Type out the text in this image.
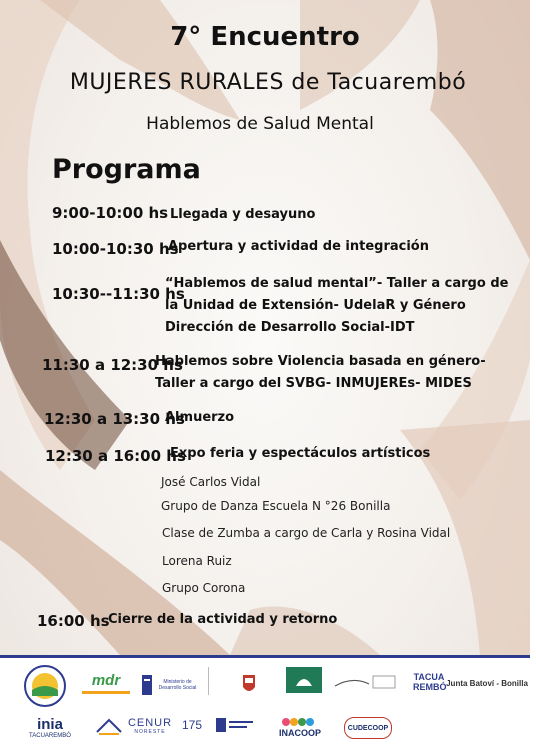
7° Encuentro
MUJERES RURALES de Tacuarembó
Hablemos de Salud Mental
Programa
9:00-10:00 hs Llegada y desayuno
10:00-10:30 hs
Apertura y actividad de integración
10:30--11:30 hs
“Hablemos de salud mental”- Taller a cargo de la Unidad de Extensión- UdelaR y Género Dirección de Desarrollo Social-IDT
11:30 a 12:30 hs
Hablemos sobre Violencia basada en género- Taller a cargo del SVBG- INMUJEREs- MIDES
12:30 a 13:30 hs
Almuerzo
12:30 a 16:00 hs
Expo feria y espectáculos artísticos
José Carlos Vidal
Grupo de Danza Escuela N °26 Bonilla
Clase de Zumba a cargo de Carla y Rosina Vidal
Lorena Ruiz
Grupo Corona
16:00 hs
Cierre de la actividad y retorno
mdr	Ministerio de Desarrollo Social
TACUA REMBÓ Junta Batoví - Bonilla
inia
TACUAREMBÓ
CENUR
NORESTE 175
INACOOP	CUDECOOP
